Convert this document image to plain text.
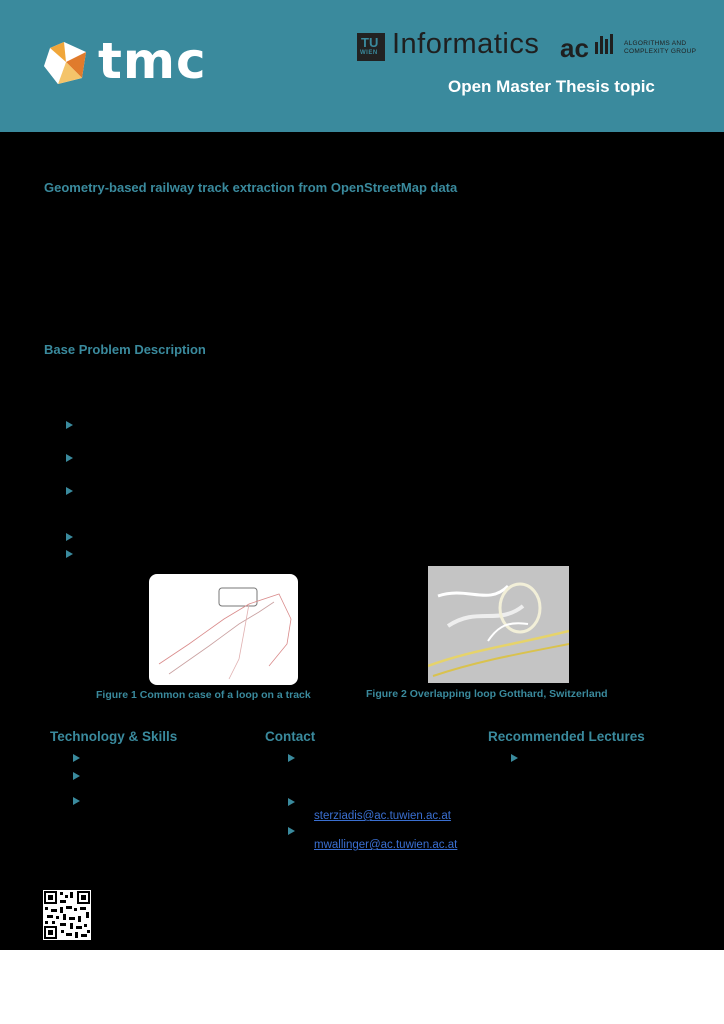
tmc	TU
WIEN Informatics ac	ALGORITHMS AND
COMPLEXITY GROUP
Open Master Thesis topic
Geometry-based railway track extraction from OpenStreetMap data
Base Problem Description
Figure 1 Common case of a loop on a track	Figure 2 Overlapping loop Gotthard, Switzerland
Technology & Skills	Contact	Recommended Lectures
sterziadis@ac.tuwien.ac.at
mwallinger@ac.tuwien.ac.at
